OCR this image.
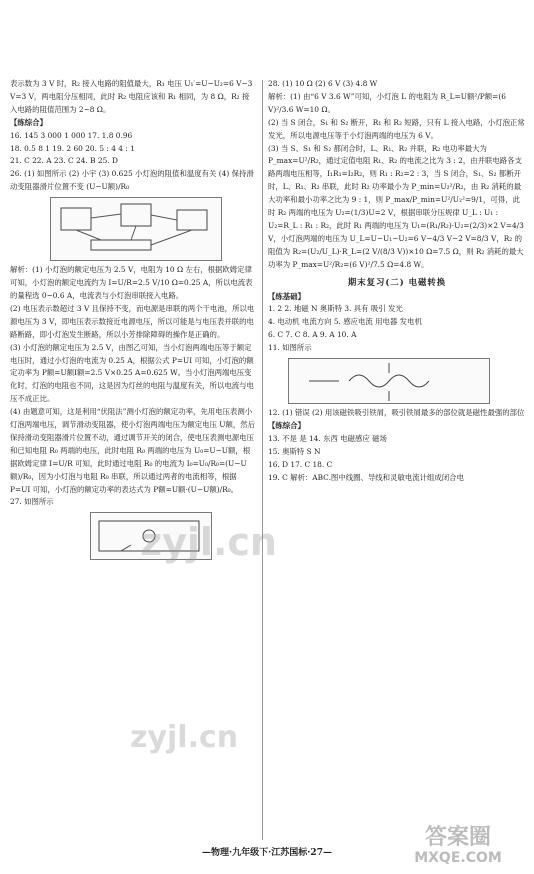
表示数为 3 V 时，R₂ 接入电路的阻值最大，R₁ 电压 U₁′=U−U₂=6 V−3 V=3 V，两电阻分压相同，此时 R₂ 电阻应该和 R₁ 相同，为 8 Ω，R₂ 接入电路的阻值范围为 2~8 Ω。

【练综合】

16. 145 3 000 1 000 17. 1.8 0.96

18. 0.5 8 1 19. 2 60 20. 5 : 4 4 : 1

21. C 22. A 23. C 24. B 25. D

26. (1) 如图所示 (2) 小宇 (3) 0.625 小灯泡的阻值和温度有关 (4) 保持滑动变阻器滑片位置不变 (U−U额)/R₀

解析：(1) 小灯泡的额定电压为 2.5 V，电阻为 10 Ω 左右，根据欧姆定律可知，小灯泡的额定电流约为 I=U/R=2.5 V/10 Ω=0.25 A，所以电流表的量程选 0~0.6 A，电流表与小灯泡串联接入电路。

(2) 电压表示数超过 3 V 且保持不变，而电源是串联的两个干电池，所以电源电压为 3 V，即电压表示数接近电源电压，所以可能是与电压表并联的电路断路，即小灯泡发生断路，所以小芳排除障碍的操作是正确的。

(3) 小灯泡的额定电压为 2.5 V，由图乙可知，当小灯泡两端电压等于额定电压时，通过小灯泡的电流为 0.25 A，根据公式 P=UI 可知，小灯泡的额定功率为 P额=U额I额=2.5 V×0.25 A=0.625 W。当小灯泡两端电压变化时，灯泡的电阻也不同，这是因为灯丝的电阻与温度有关，所以电流与电压不成正比。

(4) 由题意可知，这是利用“伏阻法”测小灯泡的额定功率，先用电压表测小灯泡两端电压，调节滑动变阻器，使小灯泡两端电压为额定电压 U额，然后保持滑动变阻器滑片位置不动，通过调节开关的闭合，使电压表测电源电压和已知电阻 R₀ 两端的电压，此时电阻 R₀ 两端的电压为 U₀=U−U额，根据欧姆定律 I=U/R 可知，此时通过电阻 R₀ 的电流为 I₀=U₀/R₀=(U−U额)/R₀，因为小灯泡与电阻 R₀ 串联，所以通过两者的电流相等，根据 P=UI 可知，小灯泡的额定功率的表达式为 P额=U额·(U−U额)/R₀。

27. 如图所示

28. (1) 10 Ω (2) 6 V (3) 4.8 W

解析：(1) 由“6 V 3.6 W”可知，小灯泡 L 的电阻为 R_L=U额²/P额=(6 V)²/3.6 W=10 Ω。

(2) 当 S 闭合，S₁ 和 S₂ 断开，R₁ 和 R₂ 短路，只有 L 接入电路，小灯泡正常发光，所以电源电压等于小灯泡两端的电压为 6 V。

(3) 当 S、S₁ 和 S₂ 都闭合时，L、R₁、R₂ 并联，R₂ 电功率最大为 P_max=U²/R₂，通过定值电阻 R₁、R₂ 的电流之比为 3 : 2，由并联电路各支路两端电压相等，I₁R₁=I₂R₂，则 R₁ : R₂=2 : 3，当 S 闭合，S₁、S₂ 都断开时，L、R₁、R₂ 串联，此时 R₂ 功率最小为 P_min=U₂²/R₂，由 R₂ 消耗的最大功率和最小功率之比为 9 : 1，则 P_max/P_min=U²/U₂²=9/1，可得，此时 R₂ 两端的电压为 U₂=(1/3)U=2 V，根据串联分压规律 U_L : U₁ : U₂=R_L : R₁ : R₂，此时 R₁ 两端的电压为 U₁=(R₁/R₂)·U₂=(2/3)×2 V=4/3 V，小灯泡两端的电压为 U_L=U−U₁−U₂=6 V−4/3 V−2 V=8/3 V，R₂ 的阻值为 R₂=(U₂/U_L)·R_L=(2 V/(8/3 V))×10 Ω=7.5 Ω，则 R₂ 消耗的最大功率为 P_max=U²/R₂=(6 V)²/7.5 Ω=4.8 W。

期末复习(二) 电磁转换

【练基础】

1. 2 2. 地磁 N 奥斯特 3. 具有 吸引 发光

4. 电动机 电流方向 5. 感应电流 用电器 发电机

6. C 7. C 8. A 9. A 10. A

11. 如图所示

12. (1) 错误 (2) 用该磁铁吸引铁屑，吸引铁屑最多的部位就是磁性最强的部位

【练综合】

13. 不是 是 14. 东西 电磁感应 磁场

15. 奥斯特 S N

16. D 17. C 18. C

19. C 解析：ABC.图中线圈、导线和灵敏电流计组成闭合电

—物理·九年级下·江苏国标·27—
zyjl.cn
zyjl.cn
答案圈
MXQE.COM
